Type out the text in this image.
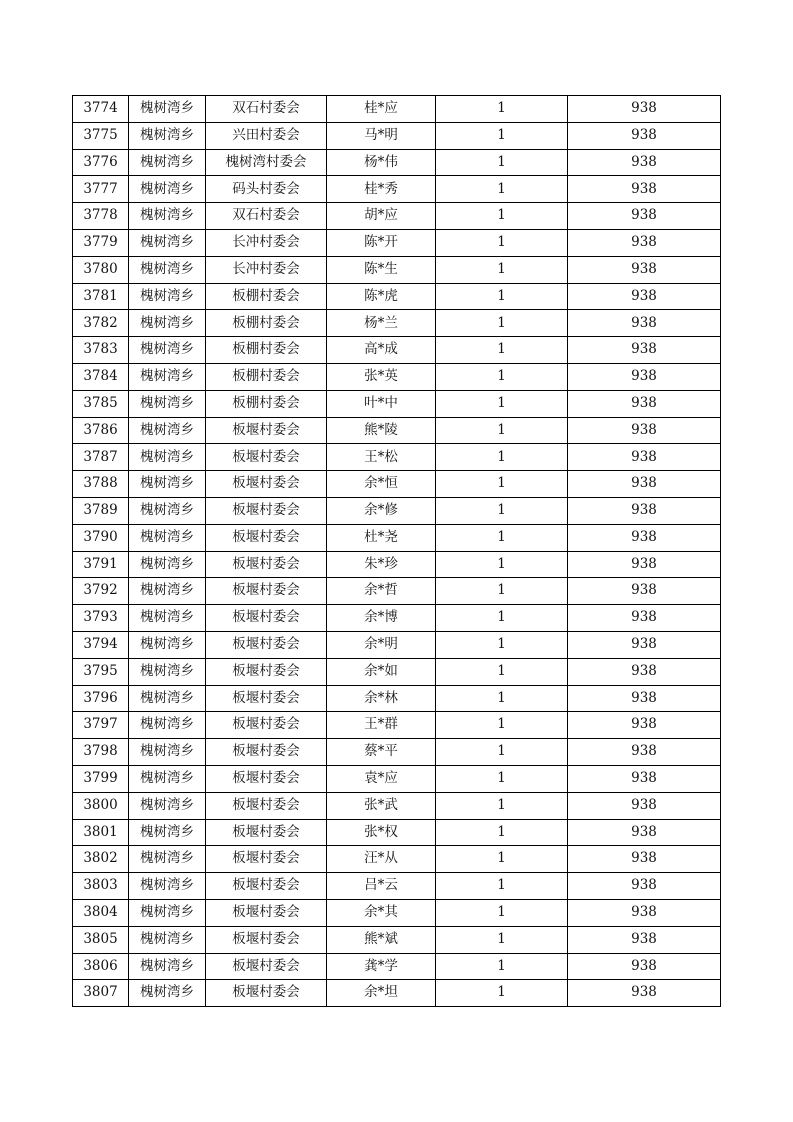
3774	槐树湾乡	双石村委会	桂*应	1	938
3775	槐树湾乡	兴田村委会	马*明	1	938
3776	槐树湾乡	槐树湾村委会	杨*伟	1	938
3777	槐树湾乡	码头村委会	桂*秀	1	938
3778	槐树湾乡	双石村委会	胡*应	1	938
3779	槐树湾乡	长冲村委会	陈*开	1	938
3780	槐树湾乡	长冲村委会	陈*生	1	938
3781	槐树湾乡	板棚村委会	陈*虎	1	938
3782	槐树湾乡	板棚村委会	杨*兰	1	938
3783	槐树湾乡	板棚村委会	高*成	1	938
3784	槐树湾乡	板棚村委会	张*英	1	938
3785	槐树湾乡	板棚村委会	叶*中	1	938
3786	槐树湾乡	板堰村委会	熊*陵	1	938
3787	槐树湾乡	板堰村委会	王*松	1	938
3788	槐树湾乡	板堰村委会	余*恒	1	938
3789	槐树湾乡	板堰村委会	余*修	1	938
3790	槐树湾乡	板堰村委会	杜*尧	1	938
3791	槐树湾乡	板堰村委会	朱*珍	1	938
3792	槐树湾乡	板堰村委会	余*哲	1	938
3793	槐树湾乡	板堰村委会	余*博	1	938
3794	槐树湾乡	板堰村委会	余*明	1	938
3795	槐树湾乡	板堰村委会	余*如	1	938
3796	槐树湾乡	板堰村委会	余*林	1	938
3797	槐树湾乡	板堰村委会	王*群	1	938
3798	槐树湾乡	板堰村委会	蔡*平	1	938
3799	槐树湾乡	板堰村委会	袁*应	1	938
3800	槐树湾乡	板堰村委会	张*武	1	938
3801	槐树湾乡	板堰村委会	张*权	1	938
3802	槐树湾乡	板堰村委会	汪*从	1	938
3803	槐树湾乡	板堰村委会	吕*云	1	938
3804	槐树湾乡	板堰村委会	余*其	1	938
3805	槐树湾乡	板堰村委会	熊*斌	1	938
3806	槐树湾乡	板堰村委会	龚*学	1	938
3807	槐树湾乡	板堰村委会	余*坦	1	938
